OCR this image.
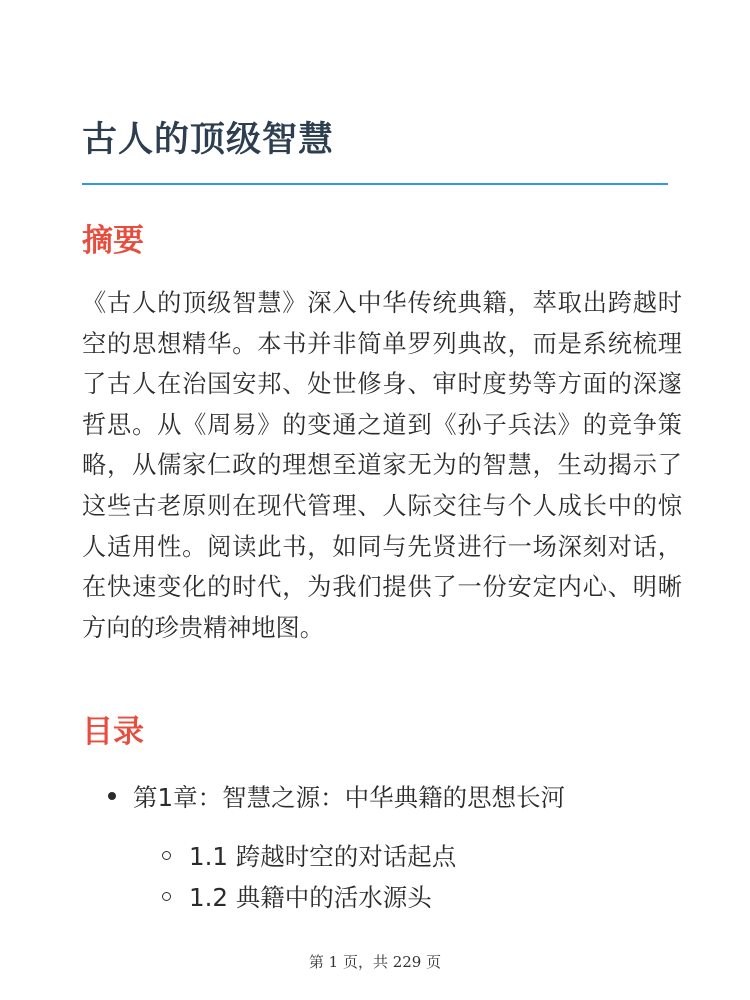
古人的顶级智慧
摘要

《古人的顶级智慧》深入中华传统典籍，萃取出跨越时空的思想精华。本书并非简单罗列典故，而是系统梳理了古人在治国安邦、处世修身、审时度势等方面的深邃哲思。从《周易》的变通之道到《孙子兵法》的竞争策略，从儒家仁政的理想至道家无为的智慧，生动揭示了这些古老原则在现代管理、人际交往与个人成长中的惊人适用性。阅读此书，如同与先贤进行一场深刻对话，在快速变化的时代，为我们提供了一份安定内心、明晰方向的珍贵精神地图。

目录
第1章：智慧之源：中华典籍的思想长河
1.1 跨越时空的对话起点
1.2 典籍中的活水源头
第 1 页，共 229 页
